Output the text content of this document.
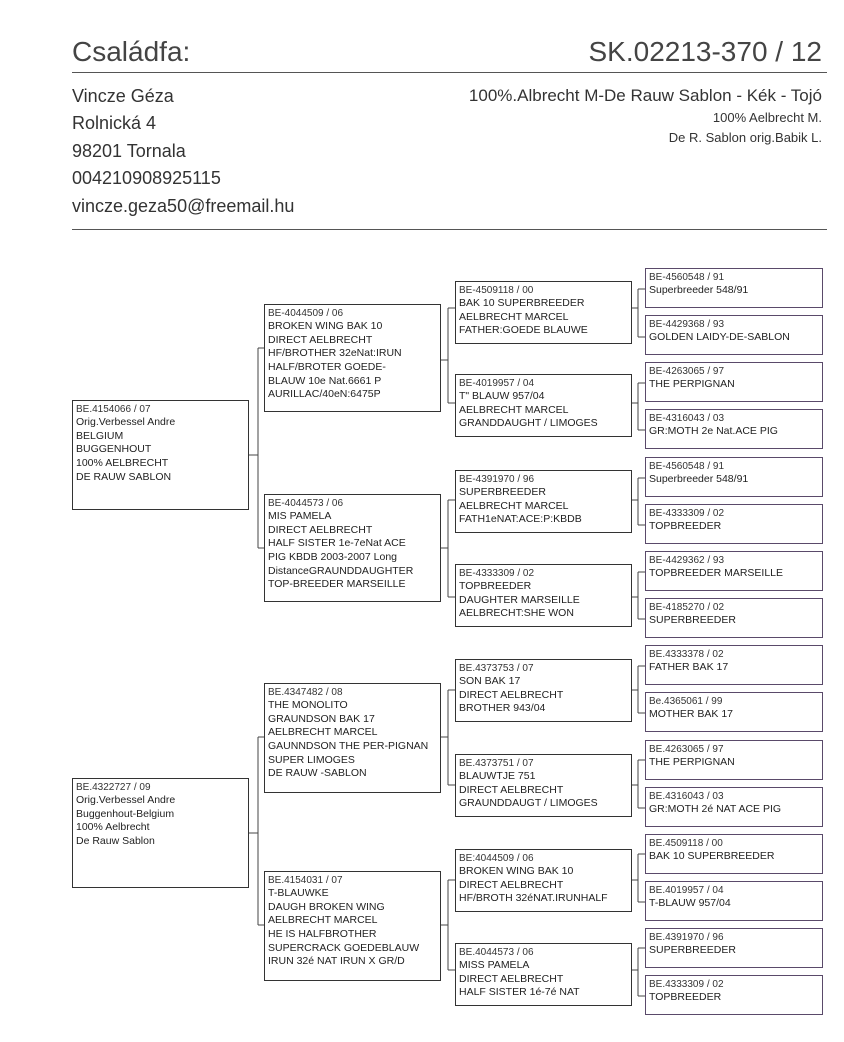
Családfa:	SK.02213-370 / 12
Vincze Géza
Rolnická 4
98201 Tornala
004210908925115
vincze.geza50@freemail.hu
100%.Albrecht M-De Rauw Sablon - Kék - Tojó
100% Aelbrecht M.
De R. Sablon orig.Babik L.
BE.4154066 / 07
Orig.Verbessel Andre
BELGIUM
BUGGENHOUT
100% AELBRECHT
DE RAUW SABLON
BE.4322727 / 09
Orig.Verbessel Andre
Buggenhout-Belgium
100% Aelbrecht
De Rauw Sablon
BE-4044509 / 06
BROKEN WING BAK 10
DIRECT AELBRECHT
HF/BROTHER 32eNat:IRUN
HALF/BROTER GOEDE-
BLAUW 10e Nat.6661 P
AURILLAC/40eN:6475P
BE-4044573 / 06
MIS PAMELA
DIRECT AELBRECHT
HALF SISTER 1e-7eNat ACE
PIG KBDB 2003-2007 Long
DistanceGRAUNDDAUGHTER
TOP-BREEDER MARSEILLE
BE.4347482 / 08
THE MONOLITO
GRAUNDSON BAK 17
AELBRECHT MARCEL
GAUNNDSON THE PER-PIGNAN
SUPER LIMOGES
DE RAUW -SABLON
BE.4154031 / 07
T-BLAUWKE
DAUGH BROKEN WING
AELBRECHT MARCEL
HE IS HALFBROTHER
SUPERCRACK GOEDEBLAUW
IRUN 32é NAT IRUN X GR/D
BE-4509118 / 00
BAK 10 SUPERBREEDER
AELBRECHT MARCEL
FATHER:GOEDE BLAUWE
BE-4019957 / 04
T" BLAUW 957/04
AELBRECHT MARCEL
GRANDDAUGHT / LIMOGES
BE-4391970 / 96
SUPERBREEDER
AELBRECHT MARCEL
FATH1eNAT:ACE:P:KBDB
BE-4333309 / 02
TOPBREEDER
DAUGHTER MARSEILLE
AELBRECHT:SHE WON
BE.4373753 / 07
SON BAK 17
DIRECT AELBRECHT
BROTHER 943/04
BE.4373751 / 07
BLAUWTJE 751
DIRECT AELBRECHT
GRAUNDDAUGT / LIMOGES
BE:4044509 / 06
BROKEN WING BAK 10
DIRECT AELBRECHT
HF/BROTH 32éNAT.IRUNHALF
BE.4044573 / 06
MISS PAMELA
DIRECT AELBRECHT
HALF SISTER 1é-7é NAT
BE-4560548 / 91
Superbreeder 548/91
BE-4429368 / 93
GOLDEN LAIDY-DE-SABLON
BE-4263065 / 97
THE PERPIGNAN
BE-4316043 / 03
GR:MOTH 2e Nat.ACE PIG
BE-4560548 / 91
Superbreeder 548/91
BE-4333309 / 02
TOPBREEDER
BE-4429362 / 93
TOPBREEDER MARSEILLE
BE-4185270 / 02
SUPERBREEDER
BE.4333378 / 02
FATHER BAK 17
Be.4365061 / 99
MOTHER BAK 17
BE.4263065 / 97
THE PERPIGNAN
BE.4316043 / 03
GR:MOTH 2é NAT ACE PIG
BE.4509118 / 00
BAK 10 SUPERBREEDER
BE.4019957 / 04
T-BLAUW 957/04
BE.4391970 / 96
SUPERBREEDER
BE.4333309 / 02
TOPBREEDER
